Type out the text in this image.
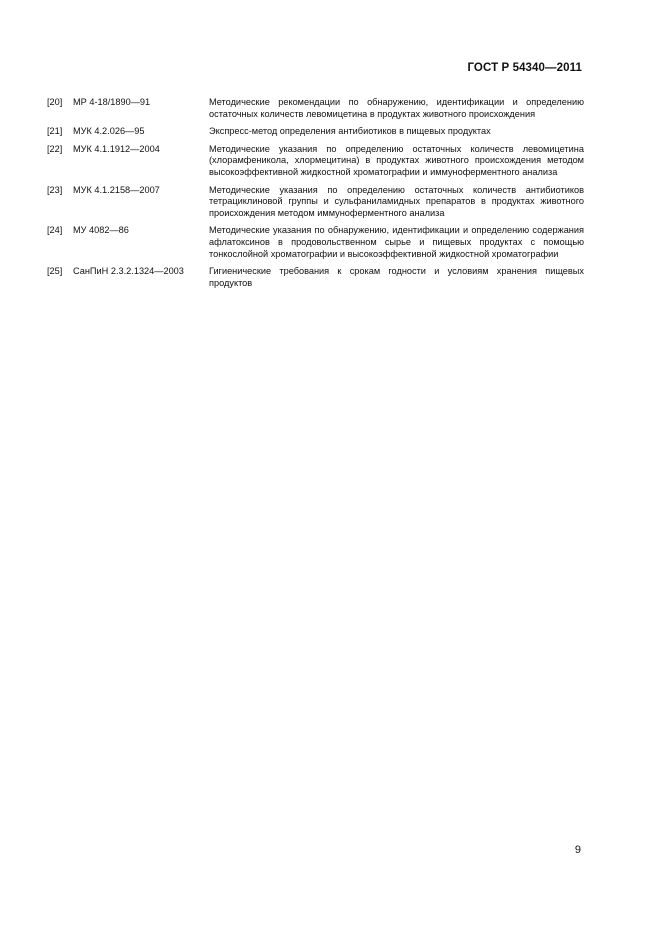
ГОСТ Р 54340—2011
[20]	МР 4-18/1890—91	Методические рекомендации по обнаружению, идентификации и определению остаточных количеств левомицетина в продуктах животного происхождения
[21]	МУК 4.2.026—95	Экспресс-метод определения антибиотиков в пищевых продуктах
[22]	МУК 4.1.1912—2004	Методические указания по определению остаточных количеств левомицетина (хлорамфеникола, хлормецитина) в продуктах животного происхождения методом высокоэффективной жидкостной хроматографии и иммуноферментного анализа
[23]	МУК 4.1.2158—2007	Методические указания по определению остаточных количеств антибиотиков тетрациклиновой группы и сульфаниламидных препаратов в продуктах животного происхождения методом иммуноферментного анализа
[24]	МУ 4082—86	Методические указания по обнаружению, идентификации и определению содержания афлатоксинов в продовольственном сырье и пищевых продуктах с помощью тонкослойной хроматографии и высокоэффективной жидкостной хроматографии
[25]	СанПиН 2.3.2.1324—2003	Гигиенические требования к срокам годности и условиям хранения пищевых продуктов
9
